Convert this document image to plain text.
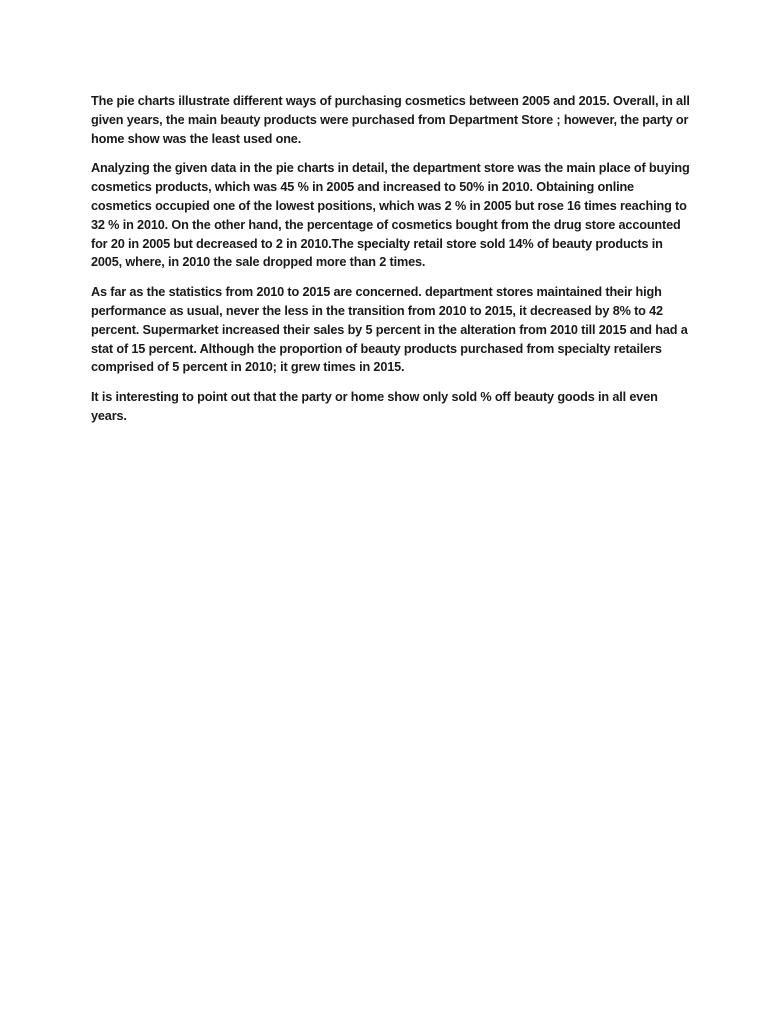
The pie charts illustrate different ways of purchasing cosmetics between 2005 and 2015. Overall, in all given years, the main beauty products were purchased from Department Store ; however, the party or home show was the least used one.

Analyzing the given data in the pie charts in detail, the department store was the main place of buying cosmetics products, which was 45 % in 2005 and increased to 50% in 2010. Obtaining online cosmetics occupied one of the lowest positions, which was 2 % in 2005 but rose 16 times reaching to 32 % in 2010. On the other hand, the percentage of cosmetics bought from the drug store accounted for 20 in 2005 but decreased to 2 in 2010.The specialty retail store sold 14% of beauty products in 2005, where, in 2010 the sale dropped more than 2 times.

As far as the statistics from 2010 to 2015 are concerned. department stores maintained their high performance as usual, never the less in the transition from 2010 to 2015, it decreased by 8% to 42 percent. Supermarket increased their sales by 5 percent in the alteration from 2010 till 2015 and had a stat of 15 percent. Although the proportion of beauty products purchased from specialty retailers comprised of 5 percent in 2010; it grew times in 2015.

It is interesting to point out that the party or home show only sold % off beauty goods in all even years.
